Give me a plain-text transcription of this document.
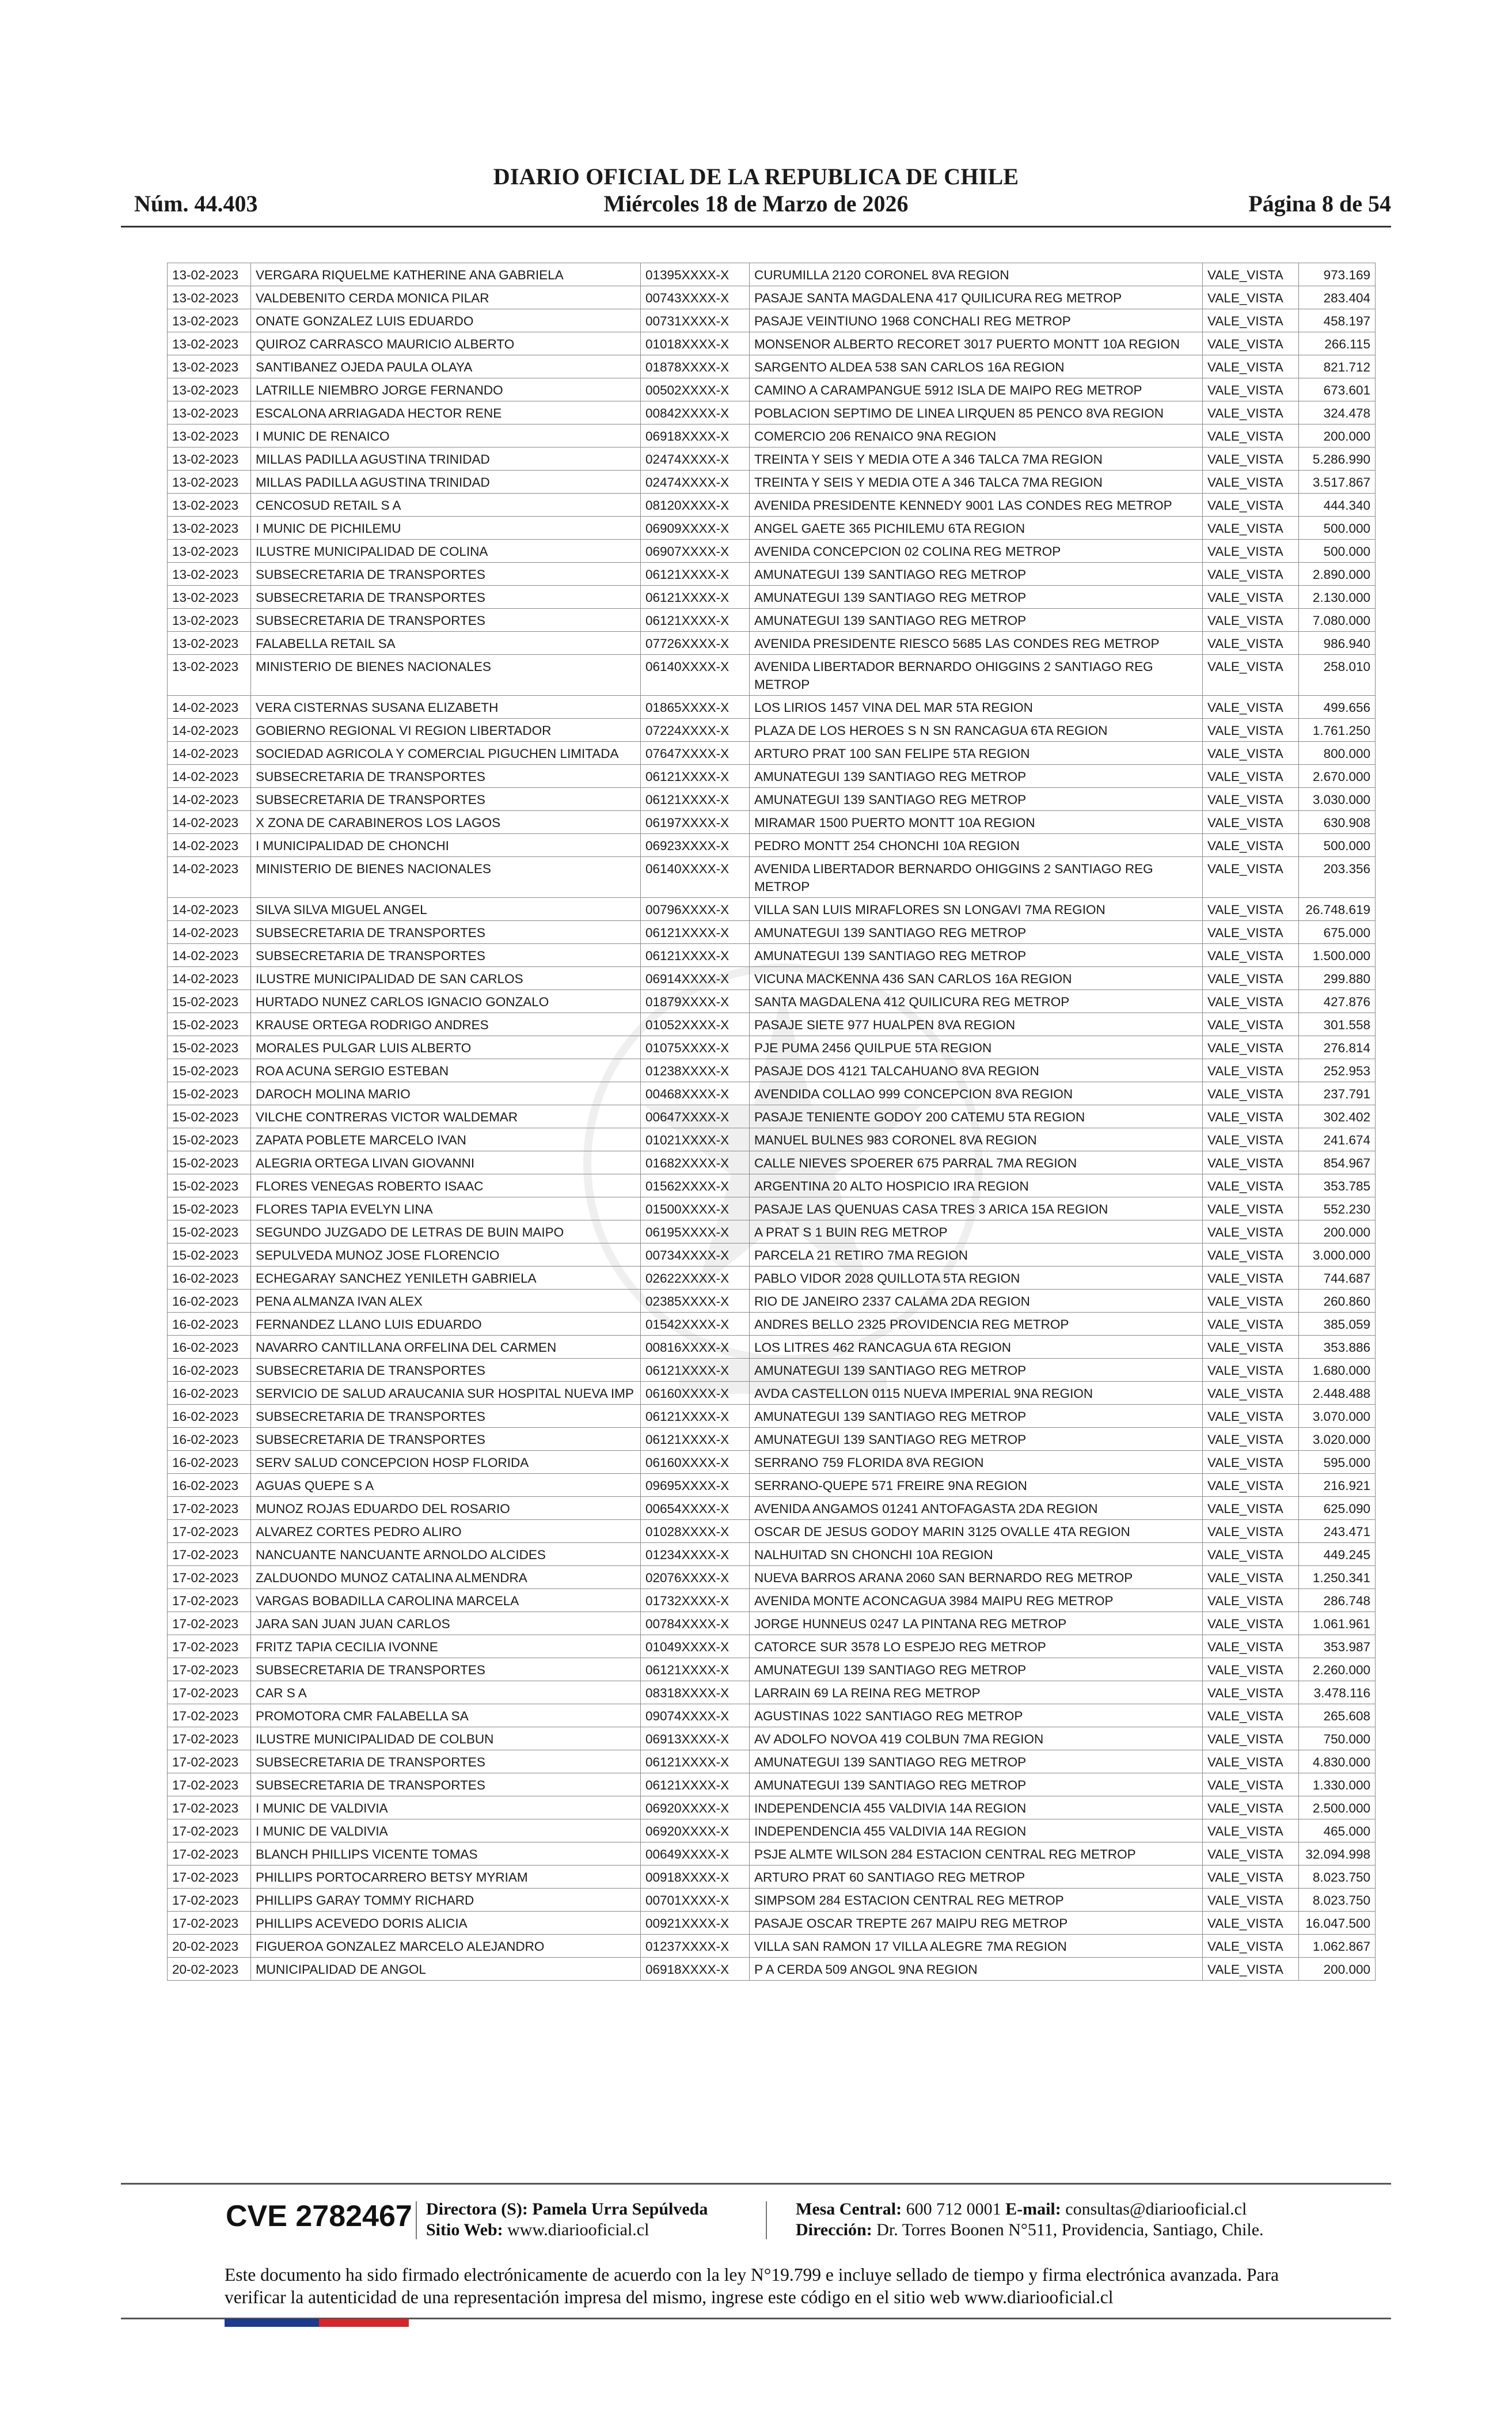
DIARIO OFICIAL DE LA REPUBLICA DE CHILE
Núm. 44.403	Miércoles 18 de Marzo de 2026	Página 8 de 54
13-02-2023	VERGARA RIQUELME KATHERINE ANA GABRIELA	01395XXXX-X	CURUMILLA 2120 CORONEL 8VA REGION	VALE_VISTA	973.169
13-02-2023	VALDEBENITO CERDA MONICA PILAR	00743XXXX-X	PASAJE SANTA MAGDALENA 417 QUILICURA REG METROP	VALE_VISTA	283.404
13-02-2023	ONATE GONZALEZ LUIS EDUARDO	00731XXXX-X	PASAJE VEINTIUNO 1968 CONCHALI REG METROP	VALE_VISTA	458.197
13-02-2023	QUIROZ CARRASCO MAURICIO ALBERTO	01018XXXX-X	MONSENOR ALBERTO RECORET 3017 PUERTO MONTT 10A REGION	VALE_VISTA	266.115
13-02-2023	SANTIBANEZ OJEDA PAULA OLAYA	01878XXXX-X	SARGENTO ALDEA 538 SAN CARLOS 16A REGION	VALE_VISTA	821.712
13-02-2023	LATRILLE NIEMBRO JORGE FERNANDO	00502XXXX-X	CAMINO A CARAMPANGUE 5912 ISLA DE MAIPO REG METROP	VALE_VISTA	673.601
13-02-2023	ESCALONA ARRIAGADA HECTOR RENE	00842XXXX-X	POBLACION SEPTIMO DE LINEA LIRQUEN 85 PENCO 8VA REGION	VALE_VISTA	324.478
13-02-2023	I MUNIC DE RENAICO	06918XXXX-X	COMERCIO 206 RENAICO 9NA REGION	VALE_VISTA	200.000
13-02-2023	MILLAS PADILLA AGUSTINA TRINIDAD	02474XXXX-X	TREINTA Y SEIS Y MEDIA OTE A 346 TALCA 7MA REGION	VALE_VISTA	5.286.990
13-02-2023	MILLAS PADILLA AGUSTINA TRINIDAD	02474XXXX-X	TREINTA Y SEIS Y MEDIA OTE A 346 TALCA 7MA REGION	VALE_VISTA	3.517.867
13-02-2023	CENCOSUD RETAIL S A	08120XXXX-X	AVENIDA PRESIDENTE KENNEDY 9001 LAS CONDES REG METROP	VALE_VISTA	444.340
13-02-2023	I MUNIC DE PICHILEMU	06909XXXX-X	ANGEL GAETE 365 PICHILEMU 6TA REGION	VALE_VISTA	500.000
13-02-2023	ILUSTRE MUNICIPALIDAD DE COLINA	06907XXXX-X	AVENIDA CONCEPCION 02 COLINA REG METROP	VALE_VISTA	500.000
13-02-2023	SUBSECRETARIA DE TRANSPORTES	06121XXXX-X	AMUNATEGUI 139 SANTIAGO REG METROP	VALE_VISTA	2.890.000
13-02-2023	SUBSECRETARIA DE TRANSPORTES	06121XXXX-X	AMUNATEGUI 139 SANTIAGO REG METROP	VALE_VISTA	2.130.000
13-02-2023	SUBSECRETARIA DE TRANSPORTES	06121XXXX-X	AMUNATEGUI 139 SANTIAGO REG METROP	VALE_VISTA	7.080.000
13-02-2023	FALABELLA RETAIL SA	07726XXXX-X	AVENIDA PRESIDENTE RIESCO 5685 LAS CONDES REG METROP	VALE_VISTA	986.940
13-02-2023	MINISTERIO DE BIENES NACIONALES	06140XXXX-X	AVENIDA LIBERTADOR BERNARDO OHIGGINS 2 SANTIAGO REG METROP	VALE_VISTA	258.010
14-02-2023	VERA CISTERNAS SUSANA ELIZABETH	01865XXXX-X	LOS LIRIOS 1457 VINA DEL MAR 5TA REGION	VALE_VISTA	499.656
14-02-2023	GOBIERNO REGIONAL VI REGION LIBERTADOR	07224XXXX-X	PLAZA DE LOS HEROES S N SN RANCAGUA 6TA REGION	VALE_VISTA	1.761.250
14-02-2023	SOCIEDAD AGRICOLA Y COMERCIAL PIGUCHEN LIMITADA	07647XXXX-X	ARTURO PRAT 100 SAN FELIPE 5TA REGION	VALE_VISTA	800.000
14-02-2023	SUBSECRETARIA DE TRANSPORTES	06121XXXX-X	AMUNATEGUI 139 SANTIAGO REG METROP	VALE_VISTA	2.670.000
14-02-2023	SUBSECRETARIA DE TRANSPORTES	06121XXXX-X	AMUNATEGUI 139 SANTIAGO REG METROP	VALE_VISTA	3.030.000
14-02-2023	X ZONA DE CARABINEROS LOS LAGOS	06197XXXX-X	MIRAMAR 1500 PUERTO MONTT 10A REGION	VALE_VISTA	630.908
14-02-2023	I MUNICIPALIDAD DE CHONCHI	06923XXXX-X	PEDRO MONTT 254 CHONCHI 10A REGION	VALE_VISTA	500.000
14-02-2023	MINISTERIO DE BIENES NACIONALES	06140XXXX-X	AVENIDA LIBERTADOR BERNARDO OHIGGINS 2 SANTIAGO REG METROP	VALE_VISTA	203.356
14-02-2023	SILVA SILVA MIGUEL ANGEL	00796XXXX-X	VILLA SAN LUIS MIRAFLORES SN LONGAVI 7MA REGION	VALE_VISTA	26.748.619
14-02-2023	SUBSECRETARIA DE TRANSPORTES	06121XXXX-X	AMUNATEGUI 139 SANTIAGO REG METROP	VALE_VISTA	675.000
14-02-2023	SUBSECRETARIA DE TRANSPORTES	06121XXXX-X	AMUNATEGUI 139 SANTIAGO REG METROP	VALE_VISTA	1.500.000
14-02-2023	ILUSTRE MUNICIPALIDAD DE SAN CARLOS	06914XXXX-X	VICUNA MACKENNA 436 SAN CARLOS 16A REGION	VALE_VISTA	299.880
15-02-2023	HURTADO NUNEZ CARLOS IGNACIO GONZALO	01879XXXX-X	SANTA MAGDALENA 412 QUILICURA REG METROP	VALE_VISTA	427.876
15-02-2023	KRAUSE ORTEGA RODRIGO ANDRES	01052XXXX-X	PASAJE SIETE 977 HUALPEN 8VA REGION	VALE_VISTA	301.558
15-02-2023	MORALES PULGAR LUIS ALBERTO	01075XXXX-X	PJE PUMA 2456 QUILPUE 5TA REGION	VALE_VISTA	276.814
15-02-2023	ROA ACUNA SERGIO ESTEBAN	01238XXXX-X	PASAJE DOS 4121 TALCAHUANO 8VA REGION	VALE_VISTA	252.953
15-02-2023	DAROCH MOLINA MARIO	00468XXXX-X	AVENDIDA COLLAO 999 CONCEPCION 8VA REGION	VALE_VISTA	237.791
15-02-2023	VILCHE CONTRERAS VICTOR WALDEMAR	00647XXXX-X	PASAJE TENIENTE GODOY 200 CATEMU 5TA REGION	VALE_VISTA	302.402
15-02-2023	ZAPATA POBLETE MARCELO IVAN	01021XXXX-X	MANUEL BULNES 983 CORONEL 8VA REGION	VALE_VISTA	241.674
15-02-2023	ALEGRIA ORTEGA LIVAN GIOVANNI	01682XXXX-X	CALLE NIEVES SPOERER 675 PARRAL 7MA REGION	VALE_VISTA	854.967
15-02-2023	FLORES VENEGAS ROBERTO ISAAC	01562XXXX-X	ARGENTINA 20 ALTO HOSPICIO IRA REGION	VALE_VISTA	353.785
15-02-2023	FLORES TAPIA EVELYN LINA	01500XXXX-X	PASAJE LAS QUENUAS CASA TRES 3 ARICA 15A REGION	VALE_VISTA	552.230
15-02-2023	SEGUNDO JUZGADO DE LETRAS DE BUIN MAIPO	06195XXXX-X	A PRAT S 1 BUIN REG METROP	VALE_VISTA	200.000
15-02-2023	SEPULVEDA MUNOZ JOSE FLORENCIO	00734XXXX-X	PARCELA 21 RETIRO 7MA REGION	VALE_VISTA	3.000.000
16-02-2023	ECHEGARAY SANCHEZ YENILETH GABRIELA	02622XXXX-X	PABLO VIDOR 2028 QUILLOTA 5TA REGION	VALE_VISTA	744.687
16-02-2023	PENA ALMANZA IVAN ALEX	02385XXXX-X	RIO DE JANEIRO 2337 CALAMA 2DA REGION	VALE_VISTA	260.860
16-02-2023	FERNANDEZ LLANO LUIS EDUARDO	01542XXXX-X	ANDRES BELLO 2325 PROVIDENCIA REG METROP	VALE_VISTA	385.059
16-02-2023	NAVARRO CANTILLANA ORFELINA DEL CARMEN	00816XXXX-X	LOS LITRES 462 RANCAGUA 6TA REGION	VALE_VISTA	353.886
16-02-2023	SUBSECRETARIA DE TRANSPORTES	06121XXXX-X	AMUNATEGUI 139 SANTIAGO REG METROP	VALE_VISTA	1.680.000
16-02-2023	SERVICIO DE SALUD ARAUCANIA SUR HOSPITAL NUEVA IMP	06160XXXX-X	AVDA CASTELLON 0115 NUEVA IMPERIAL 9NA REGION	VALE_VISTA	2.448.488
16-02-2023	SUBSECRETARIA DE TRANSPORTES	06121XXXX-X	AMUNATEGUI 139 SANTIAGO REG METROP	VALE_VISTA	3.070.000
16-02-2023	SUBSECRETARIA DE TRANSPORTES	06121XXXX-X	AMUNATEGUI 139 SANTIAGO REG METROP	VALE_VISTA	3.020.000
16-02-2023	SERV SALUD CONCEPCION HOSP FLORIDA	06160XXXX-X	SERRANO 759 FLORIDA 8VA REGION	VALE_VISTA	595.000
16-02-2023	AGUAS QUEPE S A	09695XXXX-X	SERRANO-QUEPE 571 FREIRE 9NA REGION	VALE_VISTA	216.921
17-02-2023	MUNOZ ROJAS EDUARDO DEL ROSARIO	00654XXXX-X	AVENIDA ANGAMOS 01241 ANTOFAGASTA 2DA REGION	VALE_VISTA	625.090
17-02-2023	ALVAREZ CORTES PEDRO ALIRO	01028XXXX-X	OSCAR DE JESUS GODOY MARIN 3125 OVALLE 4TA REGION	VALE_VISTA	243.471
17-02-2023	NANCUANTE NANCUANTE ARNOLDO ALCIDES	01234XXXX-X	NALHUITAD SN CHONCHI 10A REGION	VALE_VISTA	449.245
17-02-2023	ZALDUONDO MUNOZ CATALINA ALMENDRA	02076XXXX-X	NUEVA BARROS ARANA 2060 SAN BERNARDO REG METROP	VALE_VISTA	1.250.341
17-02-2023	VARGAS BOBADILLA CAROLINA MARCELA	01732XXXX-X	AVENIDA MONTE ACONCAGUA 3984 MAIPU REG METROP	VALE_VISTA	286.748
17-02-2023	JARA SAN JUAN JUAN CARLOS	00784XXXX-X	JORGE HUNNEUS 0247 LA PINTANA REG METROP	VALE_VISTA	1.061.961
17-02-2023	FRITZ TAPIA CECILIA IVONNE	01049XXXX-X	CATORCE SUR 3578 LO ESPEJO REG METROP	VALE_VISTA	353.987
17-02-2023	SUBSECRETARIA DE TRANSPORTES	06121XXXX-X	AMUNATEGUI 139 SANTIAGO REG METROP	VALE_VISTA	2.260.000
17-02-2023	CAR S A	08318XXXX-X	LARRAIN 69 LA REINA REG METROP	VALE_VISTA	3.478.116
17-02-2023	PROMOTORA CMR FALABELLA SA	09074XXXX-X	AGUSTINAS 1022 SANTIAGO REG METROP	VALE_VISTA	265.608
17-02-2023	ILUSTRE MUNICIPALIDAD DE COLBUN	06913XXXX-X	AV ADOLFO NOVOA 419 COLBUN 7MA REGION	VALE_VISTA	750.000
17-02-2023	SUBSECRETARIA DE TRANSPORTES	06121XXXX-X	AMUNATEGUI 139 SANTIAGO REG METROP	VALE_VISTA	4.830.000
17-02-2023	SUBSECRETARIA DE TRANSPORTES	06121XXXX-X	AMUNATEGUI 139 SANTIAGO REG METROP	VALE_VISTA	1.330.000
17-02-2023	I MUNIC DE VALDIVIA	06920XXXX-X	INDEPENDENCIA 455 VALDIVIA 14A REGION	VALE_VISTA	2.500.000
17-02-2023	I MUNIC DE VALDIVIA	06920XXXX-X	INDEPENDENCIA 455 VALDIVIA 14A REGION	VALE_VISTA	465.000
17-02-2023	BLANCH PHILLIPS VICENTE TOMAS	00649XXXX-X	PSJE ALMTE WILSON 284 ESTACION CENTRAL REG METROP	VALE_VISTA	32.094.998
17-02-2023	PHILLIPS PORTOCARRERO BETSY MYRIAM	00918XXXX-X	ARTURO PRAT 60 SANTIAGO REG METROP	VALE_VISTA	8.023.750
17-02-2023	PHILLIPS GARAY TOMMY RICHARD	00701XXXX-X	SIMPSOM 284 ESTACION CENTRAL REG METROP	VALE_VISTA	8.023.750
17-02-2023	PHILLIPS ACEVEDO DORIS ALICIA	00921XXXX-X	PASAJE OSCAR TREPTE 267 MAIPU REG METROP	VALE_VISTA	16.047.500
20-02-2023	FIGUEROA GONZALEZ MARCELO ALEJANDRO	01237XXXX-X	VILLA SAN RAMON 17 VILLA ALEGRE 7MA REGION	VALE_VISTA	1.062.867
20-02-2023	MUNICIPALIDAD DE ANGOL	06918XXXX-X	P A CERDA 509 ANGOL 9NA REGION	VALE_VISTA	200.000
CVE 2782467 Directora (S): Pamela Urra Sepúlveda
Sitio Web: www.diariooficial.cl
Mesa Central: 600 712 0001 E-mail: consultas@diariooficial.cl
Dirección: Dr. Torres Boonen N°511, Providencia, Santiago, Chile.
Este documento ha sido firmado electrónicamente de acuerdo con la ley N°19.799 e incluye sellado de tiempo y firma electrónica avanzada. Para verificar la autenticidad de una representación impresa del mismo, ingrese este código en el sitio web www.diariooficial.cl
